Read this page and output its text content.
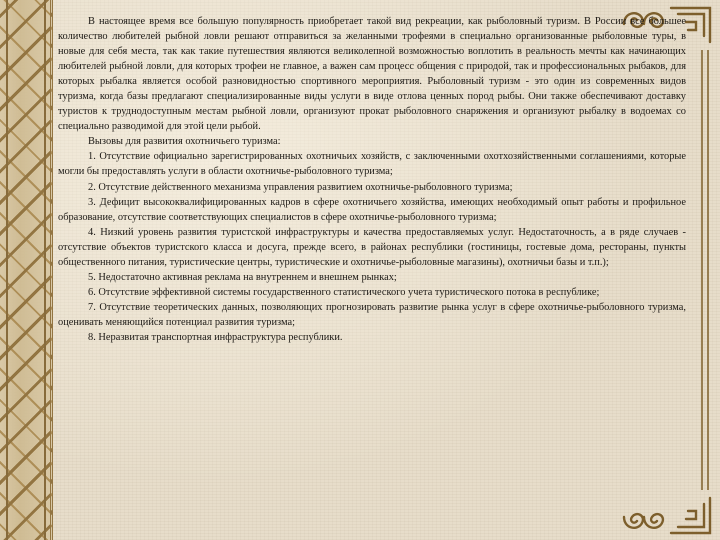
В настоящее время все большую популярность приобретает такой вид рекреации, как рыболовный туризм. В России все большее количество любителей рыбной ловли решают отправиться за желанными трофеями в специально организованные рыболовные туры, в новые для себя места, так как такие путешествия являются великолепной возможностью воплотить в реальность мечты как начинающих любителей рыбной ловли, для которых трофеи не главное, а важен сам процесс общения с природой, так и профессиональных рыбаков, для которых рыбалка является особой разновидностью спортивного мероприятия. Рыболовный туризм - это один из современных видов туризма, когда базы предлагают специализированные виды услуги в виде отлова ценных пород рыбы. Они также обеспечивают доставку туристов к труднодоступным местам рыбной ловли, организуют прокат рыболовного снаряжения и организуют рыбалку в водоемах со специально разводимой для этой цели рыбой.

Вызовы для развития охотничьего туризма:

1. Отсутствие официально зарегистрированных охотничьих хозяйств, с заключенными охотхозяйственными соглашениями, которые могли бы предоставлять услуги в области охотничье-рыболовного туризма;

2. Отсутствие действенного механизма управления развитием охотничье-рыболовного туризма;

3. Дефицит высококвалифицированных кадров в сфере охотничьего хозяйства, имеющих необходимый опыт работы и профильное образование, отсутствие соответствующих специалистов в сфере охотничье-рыболовного туризма;

4. Низкий уровень развития туристской инфраструктуры и качества предоставляемых услуг. Недостаточность, а в ряде случаев - отсутствие объектов туристского класса и досуга, прежде всего, в районах республики (гостиницы, гостевые дома, рестораны, пункты общественного питания, туристические центры, туристические и охотничье-рыболовные магазины), охотничьи базы и т.п.);

5. Недостаточно активная реклама на внутреннем и внешнем рынках;

6. Отсутствие эффективной системы государственного статистического учета туристического потока в республике;

7. Отсутствие теоретических данных, позволяющих прогнозировать развитие рынка услуг в сфере охотничье-рыболовного туризма, оценивать меняющийся потенциал развития туризма;

8. Неразвитая транспортная инфраструктура республики.
